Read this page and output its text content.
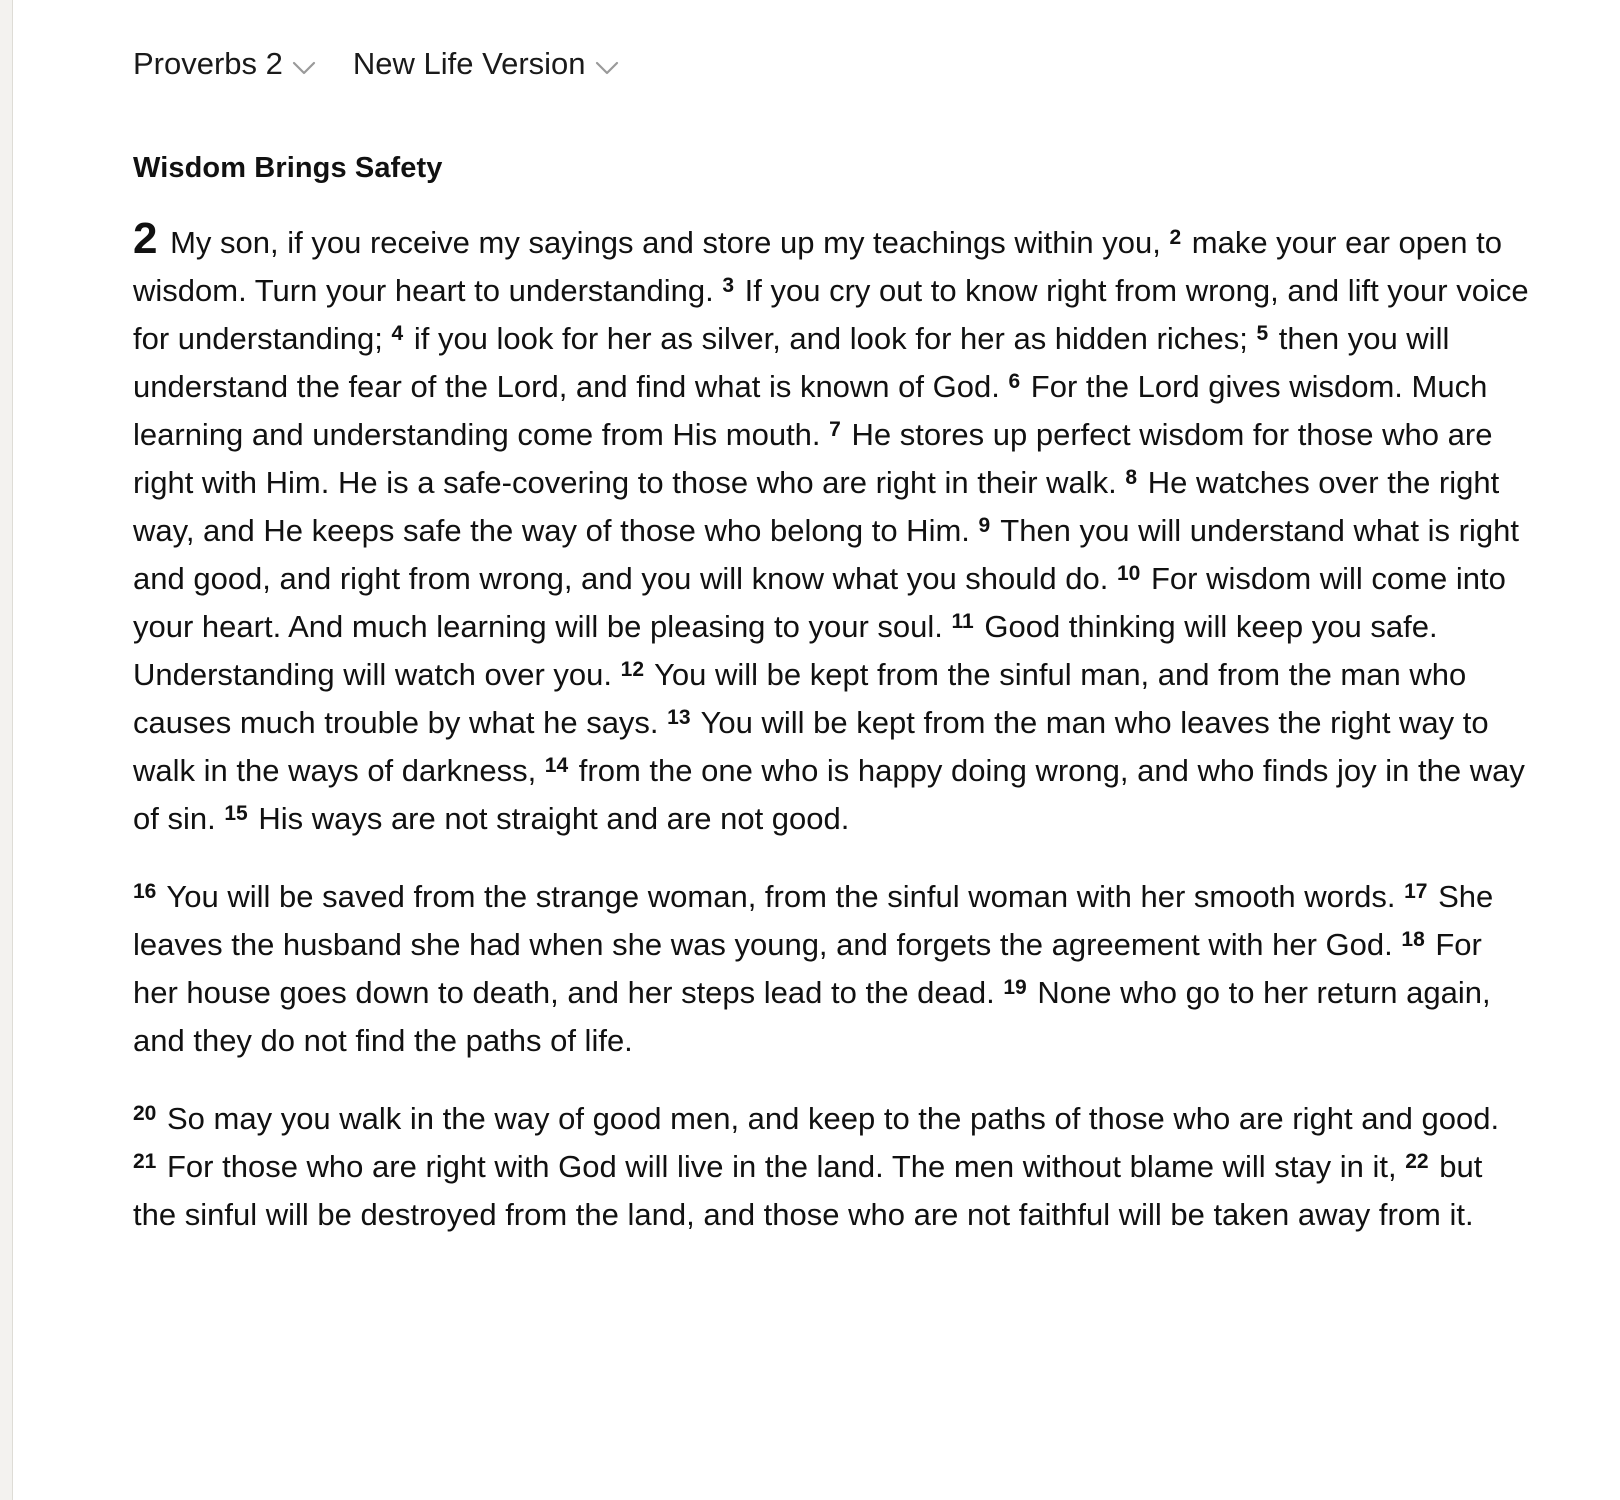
Proverbs 2 New Life Version
Wisdom Brings Safety

2 My son, if you receive my sayings and store up my teachings within you, $^2$ make your ear open to wisdom. Turn your heart to understanding. $^3$ If you cry out to know right from wrong, and lift your voice for understanding; $^4$ if you look for her as silver, and look for her as hidden riches; $^5$ then you will understand the fear of the Lord, and find what is known of God. $^6$ For the Lord gives wisdom. Much learning and understanding come from His mouth. $^7$ He stores up perfect wisdom for those who are right with Him. He is a safe-covering to those who are right in their walk. $^8$ He watches over the right way, and He keeps safe the way of those who belong to Him. $^9$ Then you will understand what is right and good, and right from wrong, and you will know what you should do. $^{10}$ For wisdom will come into your heart. And much learning will be pleasing to your soul. $^{11}$ Good thinking will keep you safe. Understanding will watch over you. $^{12}$ You will be kept from the sinful man, and from the man who causes much trouble by what he says. $^{13}$ You will be kept from the man who leaves the right way to walk in the ways of darkness, $^{14}$ from the one who is happy doing wrong, and who finds joy in the way of sin. $^{15}$ His ways are not straight and are not good.

$^{16}$ You will be saved from the strange woman, from the sinful woman with her smooth words. $^{17}$ She leaves the husband she had when she was young, and forgets the agreement with her God. $^{18}$ For her house goes down to death, and her steps lead to the dead. $^{19}$ None who go to her return again, and they do not find the paths of life.

$^{20}$ So may you walk in the way of good men, and keep to the paths of those who are right and good. $^{21}$ For those who are right with God will live in the land. The men without blame will stay in it, $^{22}$ but the sinful will be destroyed from the land, and those who are not faithful will be taken away from it.
